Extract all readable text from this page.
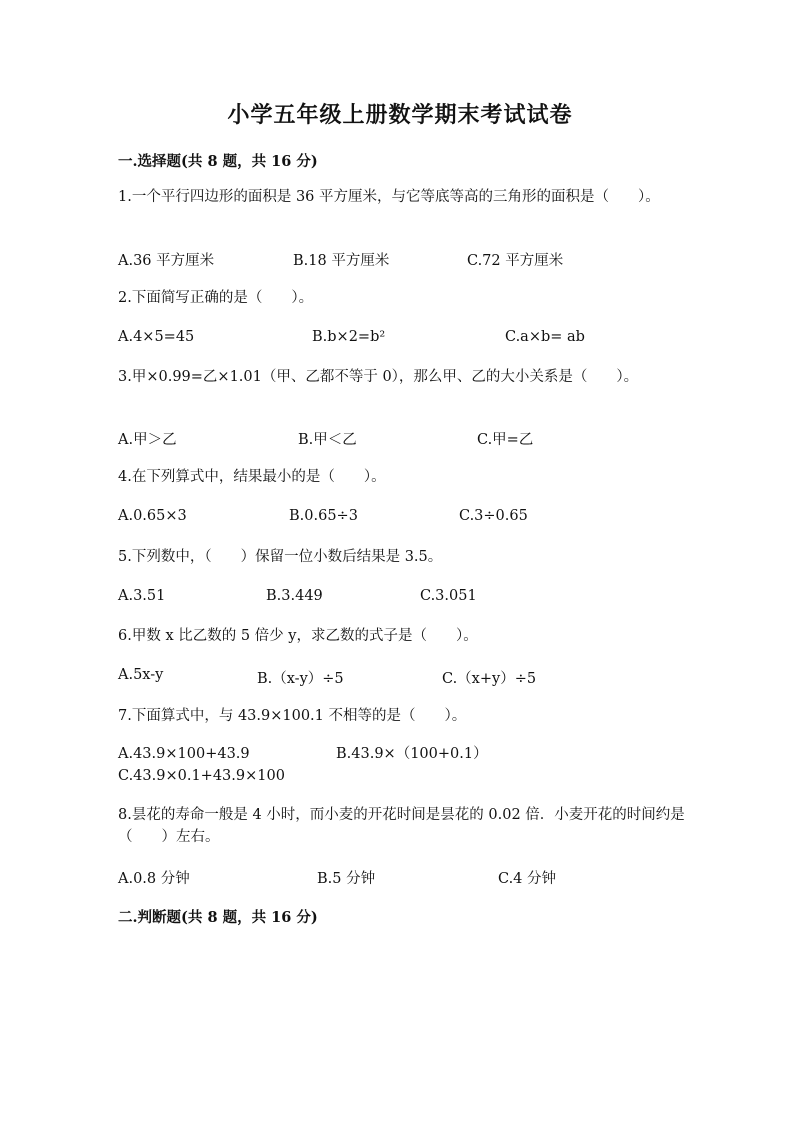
小学五年级上册数学期末考试试卷
一.选择题(共 8 题，共 16 分)
1.一个平行四边形的面积是 36 平方厘米，与它等底等高的三角形的面积是（　　）。
A.36 平方厘米	B.18 平方厘米	C.72 平方厘米
2.下面简写正确的是（　　）。
A.4×5=45	B.b×2=b²	C.a×b= ab
3.甲×0.99=乙×1.01（甲、乙都不等于 0），那么甲、乙的大小关系是（　　）。
A.甲＞乙	B.甲＜乙	C.甲=乙
4.在下列算式中，结果最小的是（　　）。
A.0.65×3	B.0.65÷3	C.3÷0.65
5.下列数中，（　　）保留一位小数后结果是 3.5。
A.3.51	B.3.449	C.3.051
6.甲数 x 比乙数的 5 倍少 y，求乙数的式子是（　　）。
A.5x-y	B.（x-y）÷5	C.（x+y）÷5
7.下面算式中，与 43.9×100.1 不相等的是（　　）。
A.43.9×100+43.9	B.43.9×（100+0.1）C.43.9×0.1+43.9×100
8.昙花的寿命一般是 4 小时，而小麦的开花时间是昙花的 0.02 倍．小麦开花的时间约是（　　）左右。
A.0.8 分钟	B.5 分钟	C.4 分钟
二.判断题(共 8 题，共 16 分)
